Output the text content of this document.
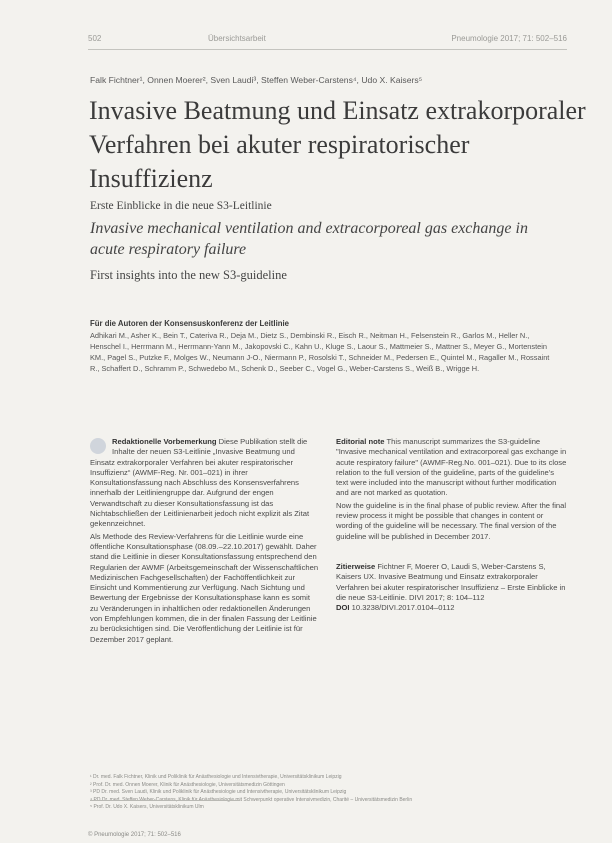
502	Übersichtsarbeit	Pneumologie 2017; 71: 502–516
Falk Fichtner¹, Onnen Moerer², Sven Laudi³, Steffen Weber-Carstens⁴, Udo X. Kaisers⁵
Invasive Beatmung und Einsatz extrakorporaler Verfahren bei akuter respiratorischer Insuffizienz
Erste Einblicke in die neue S3-Leitlinie
Invasive mechanical ventilation and extracorporeal gas exchange in acute respiratory failure
First insights into the new S3-guideline
Für die Autoren der Konsensuskonferenz der Leitlinie

Adhikari M., Asher K., Bein T., Cateriva R., Deja M., Dietz S., Dembinski R., Eisch R., Neitman H., Felsenstein R., Garlos M., Heller N., Henschel I., Herrmann M., Herrmann-Yann M., Jakopovski C., Kahn U., Kluge S., Laour S., Mattmeier S., Mattner S., Meyer G., Mortenstein KM., Pagel S., Putzke F., Molges W., Neumann J-O., Niermann P., Rosolski T., Schneider M., Pedersen E., Quintel M., Ragaller M., Rossaint R., Schaffert D., Schramm P., Schwedebo M., Schenk D., Seeber C., Vogel G., Weber-Carstens S., Weiß B., Wrigge H.

Redaktionelle Vorbemerkung Diese Publikation stellt die Inhalte der neuen S3-Leitlinie „Invasive Beatmung und Einsatz extrakorporaler Verfahren bei akuter respiratorischer Insuffizienz“ (AWMF-Reg. Nr. 001–021) in ihrer Konsultationsfassung nach Abschluss des Konsensverfahrens innerhalb der Leitliniengruppe dar. Aufgrund der engen Verwandtschaft zu dieser Konsultationsfassung ist das Nichtabschließen der Leitlinienarbeit jedoch nicht explizit als Zitat gekennzeichnet.

Als Methode des Review-Verfahrens für die Leitlinie wurde eine öffentliche Konsultationsphase (08.09.–22.10.2017) gewählt. Daher stand die Leitlinie in dieser Konsultationsfassung entsprechend den Regularien der AWMF (Arbeitsgemeinschaft der Wissenschaftlichen Medizinischen Fachgesellschaften) der Fachöffentlichkeit zur Einsicht und Kommentierung zur Verfügung. Nach Sichtung und Bewertung der Ergebnisse der Konsultationsphase kann es somit zu Veränderungen in inhaltlichen oder redaktionellen Änderungen von Empfehlungen kommen, die in der finalen Fassung der Leitlinie zu berücksichtigen sind. Die Veröffentlichung der Leitlinie ist für Dezember 2017 geplant.

Editorial note This manuscript summarizes the S3-guideline "Invasive mechanical ventilation and extracorporeal gas exchange in acute respiratory failure" (AWMF-Reg.No. 001–021). Due to its close relation to the full version of the guideline, parts of the guideline's text were included into the manuscript without further modification and are not marked as quotation.

Now the guideline is in the final phase of public review. After the final review process it might be possible that changes in content or wording of the guideline will be necessary. The final version of the guideline will be published in December 2017.

Zitierweise Fichtner F, Moerer O, Laudi S, Weber-Carstens S, Kaisers UX. Invasive Beatmung und Einsatz extrakorporaler Verfahren bei akuter respiratorischer Insuffizienz – Erste Einblicke in die neue S3-Leitlinie. DIVI 2017; 8: 104–112
DOI 10.3238/DIVI.2017.0104–0112

¹ Dr. med. Falk Fichtner, Klinik und Poliklinik für Anästhesiologie und Intensivtherapie, Universitätsklinikum Leipzig
² Prof. Dr. med. Onnen Moerer, Klinik für Anästhesiologie, Universitätsmedizin Göttingen
³ PD Dr. med. Sven Laudi, Klinik und Poliklinik für Anästhesiologie und Intensivtherapie, Universitätsklinikum Leipzig
⁴ PD Dr. med. Steffen Weber-Carstens, Klinik für Anästhesiologie mit Schwerpunkt operative Intensivmedizin, Charité – Universitätsmedizin Berlin
⁵ Prof. Dr. Udo X. Kaisers, Universitätsklinikum Ulm
© Pneumologie 2017; 71: 502–516
